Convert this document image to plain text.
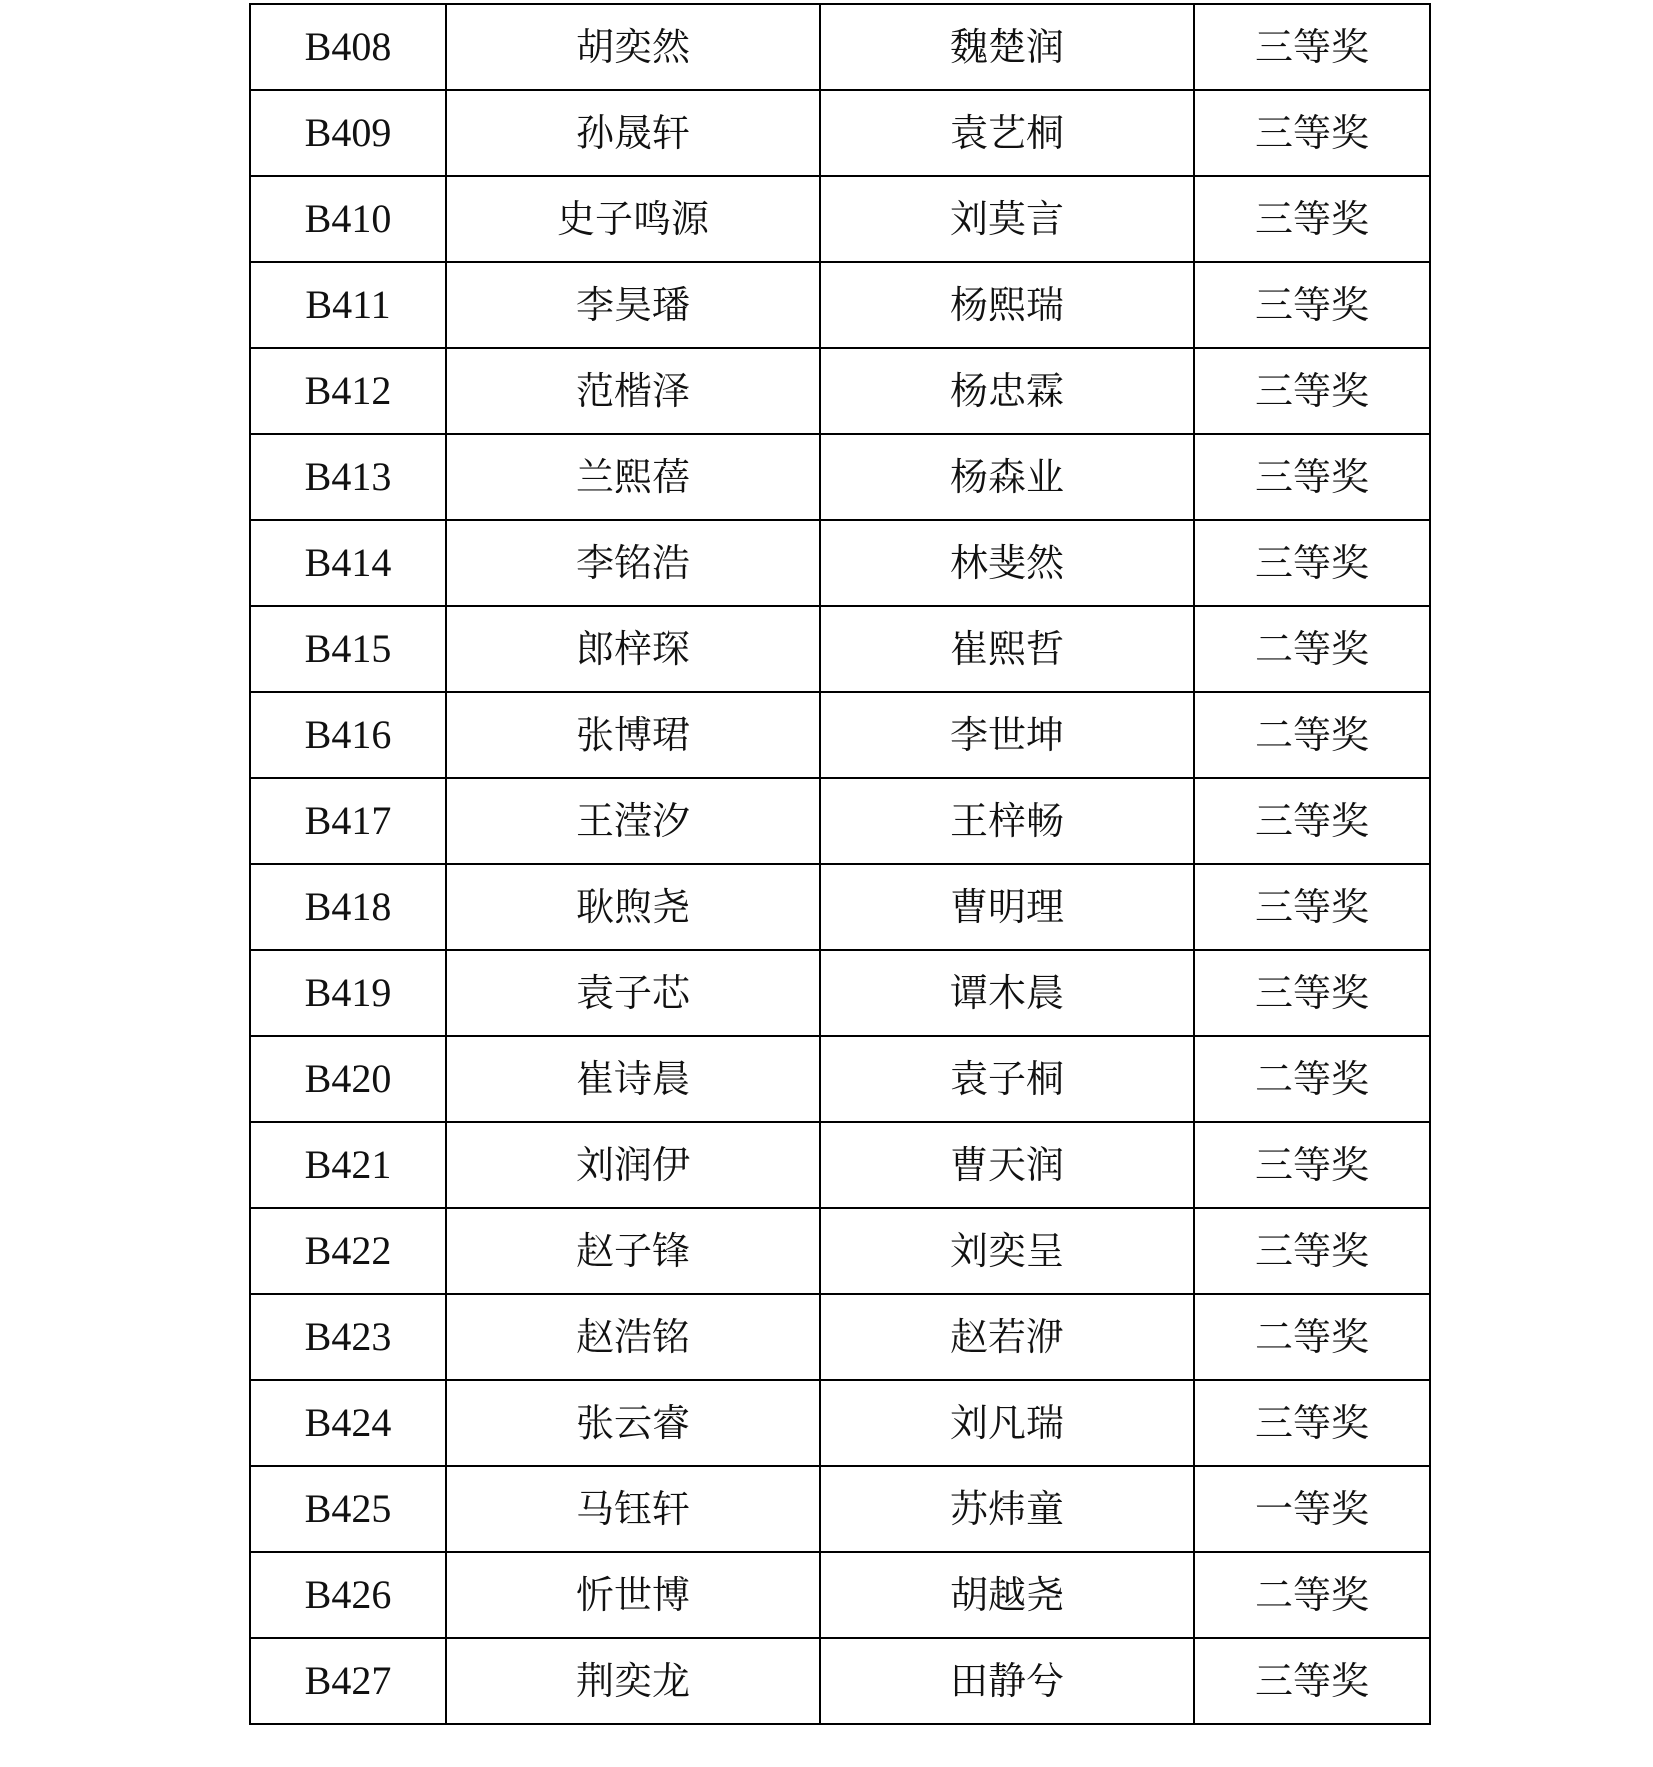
B408	胡奕然	魏楚润	三等奖
B409	孙晟轩	袁艺桐	三等奖
B410	史子鸣源	刘莫言	三等奖
B411	李昊璠	杨熙瑞	三等奖
B412	范楷泽	杨忠霖	三等奖
B413	兰熙蓓	杨森业	三等奖
B414	李铭浩	林斐然	三等奖
B415	郎梓琛	崔熙哲	二等奖
B416	张博珺	李世坤	二等奖
B417	王滢汐	王梓畅	三等奖
B418	耿煦尧	曹明理	三等奖
B419	袁子芯	谭木晨	三等奖
B420	崔诗晨	袁子桐	二等奖
B421	刘润伊	曹天润	三等奖
B422	赵子锋	刘奕呈	三等奖
B423	赵浩铭	赵若洢	二等奖
B424	张云睿	刘凡瑞	三等奖
B425	马钰轩	苏炜童	一等奖
B426	忻世博	胡越尧	二等奖
B427	荆奕龙	田静兮	三等奖
